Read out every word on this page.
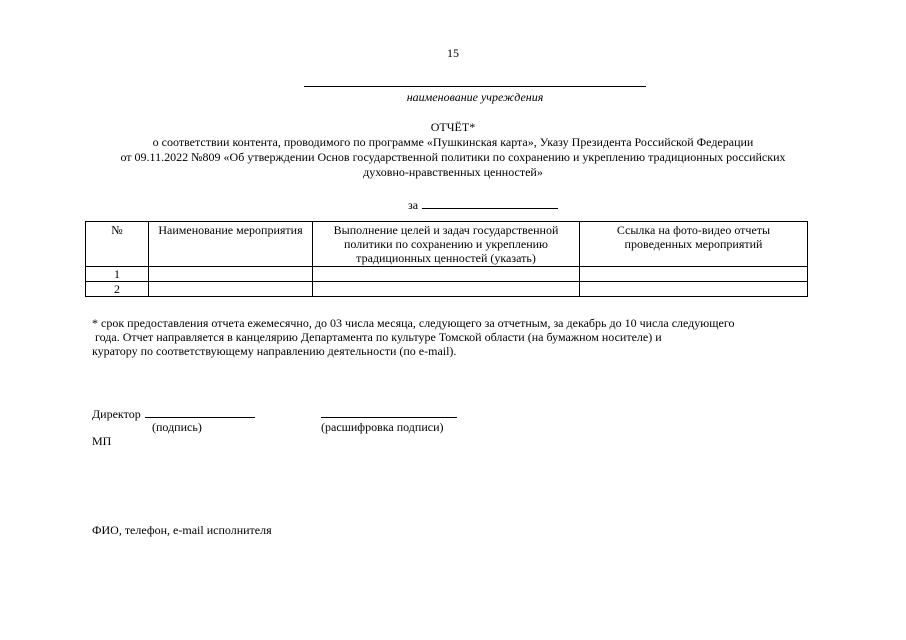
15
наименование учреждения
ОТЧЁТ*
о соответствии контента, проводимого по программе «Пушкинская карта», Указу Президента Российской Федерации
от 09.11.2022 №809 «Об утверждении Основ государственной политики по сохранению и укреплению традиционных российских
духовно-нравственных ценностей»
за
№	Наименование мероприятия	Выполнение целей и задач государственной политики по сохранению и укреплению традиционных ценностей (указать)	Ссылка на фото-видео отчеты проведенных мероприятий
1			
2			
* срок предоставления отчета ежемесячно, до 03 числа месяца, следующего за отчетным, за декабрь до 10 числа следующего
года. Отчет направляется в канцелярию Департамента по культуре Томской области (на бумажном носителе) и
куратору по соответствующему направлению деятельности (по e-mail).
Директор
(подпись)	(расшифровка подписи)
МП
ФИО, телефон, e-mail исполнителя
